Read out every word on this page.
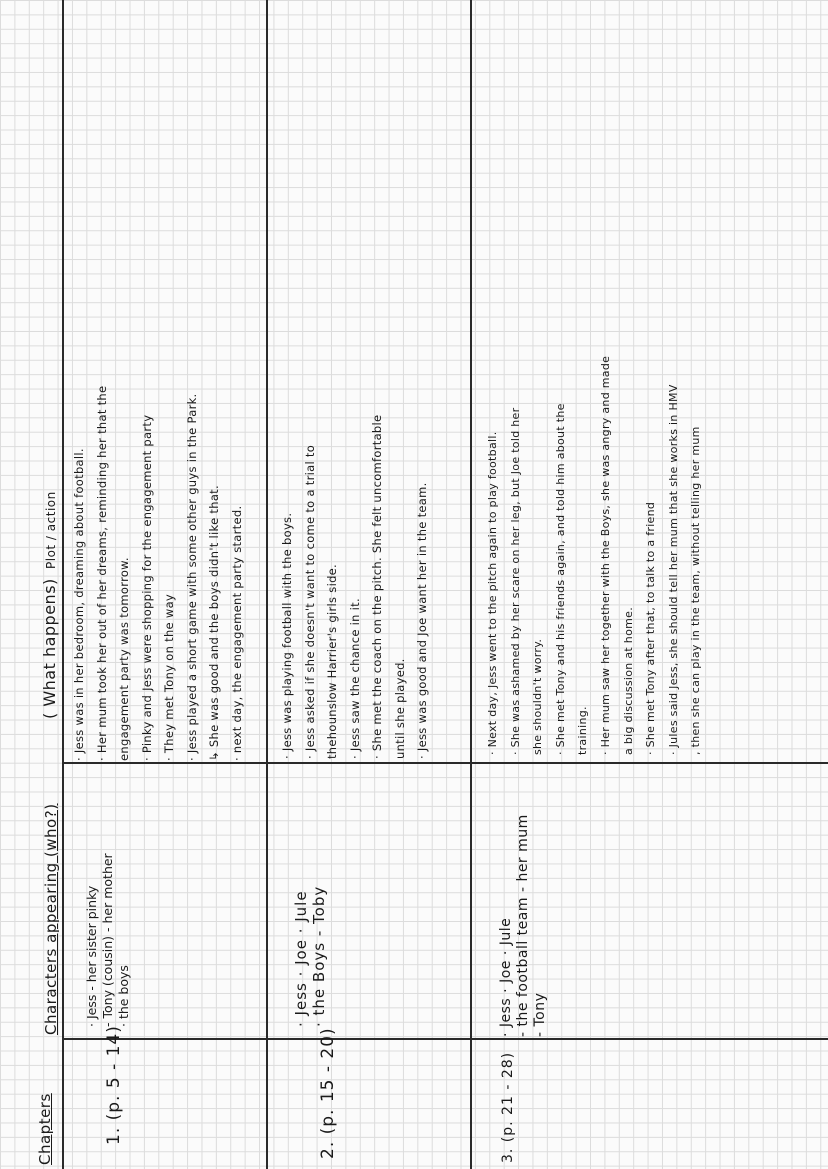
Chapters
Characters appearing (who?)
( What happens)
Plot / action
1. (p. 5 - 14)
· Jess - her sister pinky - Tony (cousin) - her mother · the boys
· Jess was in her bedroom, dreaming about football. · Her mum took her out of her dreams, reminding her that the engagement party was tomorrow. · Pinky and Jess were shopping for the engagement party · They met Tony on the way · Jess played a short game with some other guys in the Park. ↳ She was good and the boys didn't like that. · next day, the engagement party started.
2. (p. 15 - 20)
· Jess · Joe · Jule · the Boys - Toby
· Jess was playing football with the boys. · Jess asked if she doesn't want to come to a trial to thehounslow Harrier's girls side. · Jess saw the chance in it. · She met the coach on the pitch. She felt uncomfortable until she played. · Jess was good and Joe want her in the team.
3. (p. 21 - 28)
· Jess · Joe · Jule - the football team - her mum - Tony
· Next day, Jess went to the pitch again to play football. · She was ashamed by her scare on her leg, but Joe told her she shouldn't worry. · She met Tony and his friends again, and told him about the training. · Her mum saw her together with the Boys, she was angry and made a big discussion at home. · She met Tony after that, to talk to a friend · Jules said Jess, she should tell her mum that she works in HMV , then she can play in the team, without telling her mum
